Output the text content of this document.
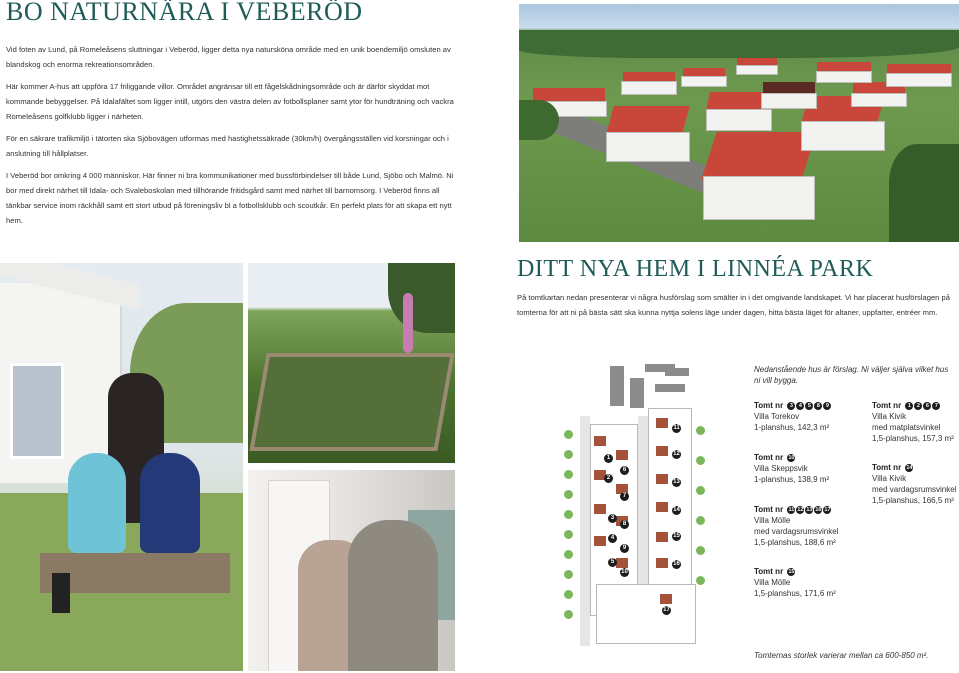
BO NATURNÄRA I VEBERÖD

Vid foten av Lund, på Romeleåsens sluttningar i Veberöd, ligger detta nya natursköna område med en unik boendemiljö omsluten av blandskog och enorma rekreationsområden.

Här kommer A-hus att uppföra 17 friliggande villor. Området angränsar till ett fågelskådningsområde och är därför skyddat mot kommande bebyggelser. På Idalafältet som ligger intill, utgörs den västra delen av fotbollsplaner samt ytor för hundträning och vackra Romeleåsens golfklubb ligger i närheten.

För en säkrare trafikmiljö i tätorten ska Sjöbovägen utformas med hastighetssäkrade (30km/h) övergångsställen vid korsningar och i anslutning till hållplatser.

I Veberöd bor omkring 4 000 människor. Här finner ni bra kommunikationer med bussförbindelser till både Lund, Sjöbo och Malmö. Ni bor med direkt närhet till Idala- och Svaleboskolan med tillhörande fritidsgård samt med närhet till barnomsorg. I Veberöd finns all tänkbar service inom räckhåll samt ett stort utbud på föreningsliv bl a fotbollsklubb och scoutkår. En perfekt plats för att skapa ett nytt hem.

DITT NYA HEM I LINNÉA PARK
På tomtkartan nedan presenterar vi några husförslag som smälter in i det omgivande landskapet. Vi har placerat husförslagen på tomterna för att ni på bästa sätt ska kunna nyttja solens läge under dagen, hitta bästa läget för altaner, uppfarter, entréer mm.
1
2
3
4
5
6
7
8
9
10
11
12
13
14
15
16
17
Nedanstående hus är förslag. Ni väljer själva vilket hus ni vill bygga.
Tomt nr 3 4 5 8 9
Villa Torekov
1-planshus, 142,3 m²
Tomt nr 1 2 6 7
Villa Kivik
med matplatsvinkel
1,5-planshus, 157,3 m²
Tomt nr 10
Villa Skeppsvik
1-planshus, 138,9 m²
Tomt nr 14
Villa Kivik
med vardagsrumsvinkel
1,5-planshus, 166,5 m²
Tomt nr 11 12 13 16 17
Villa Mölle
med vardagsrumsvinkel
1,5-planshus, 188,6 m²
Tomt nr 15
Villa Mölle
1,5-planshus, 171,6 m²
Tomternas storlek varierar mellan ca 600-850 m².
